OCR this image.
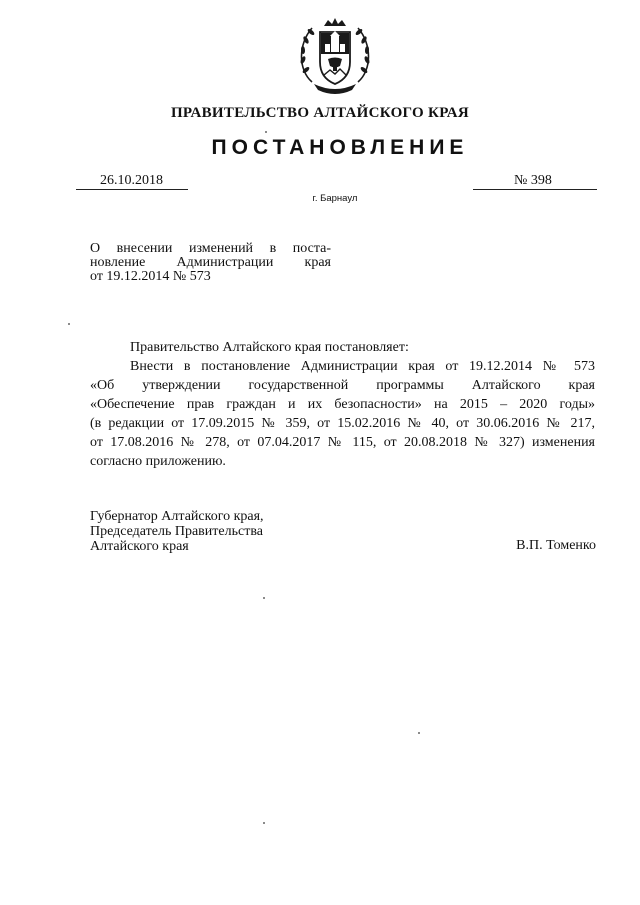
ПРАВИТЕЛЬСТВО АЛТАЙСКОГО КРАЯ
ПОСТАНОВЛЕНИЕ
26.10.2018	№ 398
г. Барнаул
О внесении изменений в поста-
новление Администрации края
от 19.12.2014 № 573
Правительство Алтайского края постановляет:
Внести в постановление Администрации края от 19.12.2014 № 573
«Об утверждении государственной программы Алтайского края
«Обеспечение прав граждан и их безопасности» на 2015 – 2020 годы»
(в редакции от 17.09.2015 № 359, от 15.02.2016 № 40, от 30.06.2016 № 217,
от 17.08.2016 № 278, от 07.04.2017 № 115, от 20.08.2018 № 327) изменения
согласно приложению.
Губернатор Алтайского края,
Председатель Правительства
Алтайского края	В.П. Томенко
